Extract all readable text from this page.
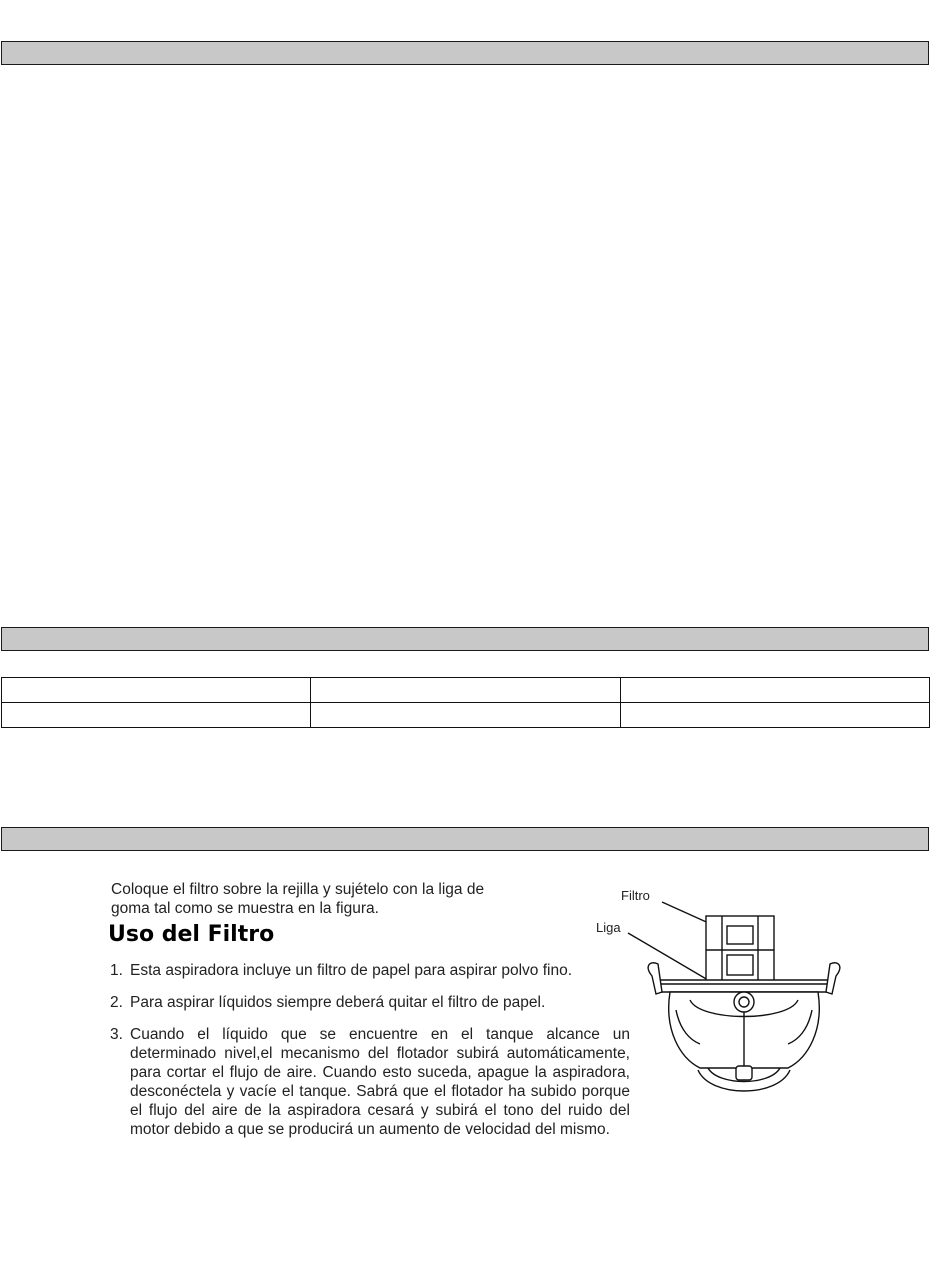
Coloque el filtro sobre la rejilla y sujételo con la liga de goma tal como se muestra en la figura.

Uso del Filtro
1. Esta aspiradora incluye un filtro de papel para aspirar polvo fino.
2. Para aspirar líquidos siempre deberá quitar el filtro de papel.
3. Cuando el líquido que se encuentre en el tanque alcance un determinado nivel,el mecanismo del flotador subirá automáticamente, para cortar el flujo de aire. Cuando esto suceda, apague la aspiradora, desconéctela y vacíe el tanque. Sabrá que el flotador ha subido porque el flujo del aire de la aspiradora cesará y subirá el tono del ruido del motor debido a que se producirá un aumento de velocidad del mismo.
Filtro
Liga
